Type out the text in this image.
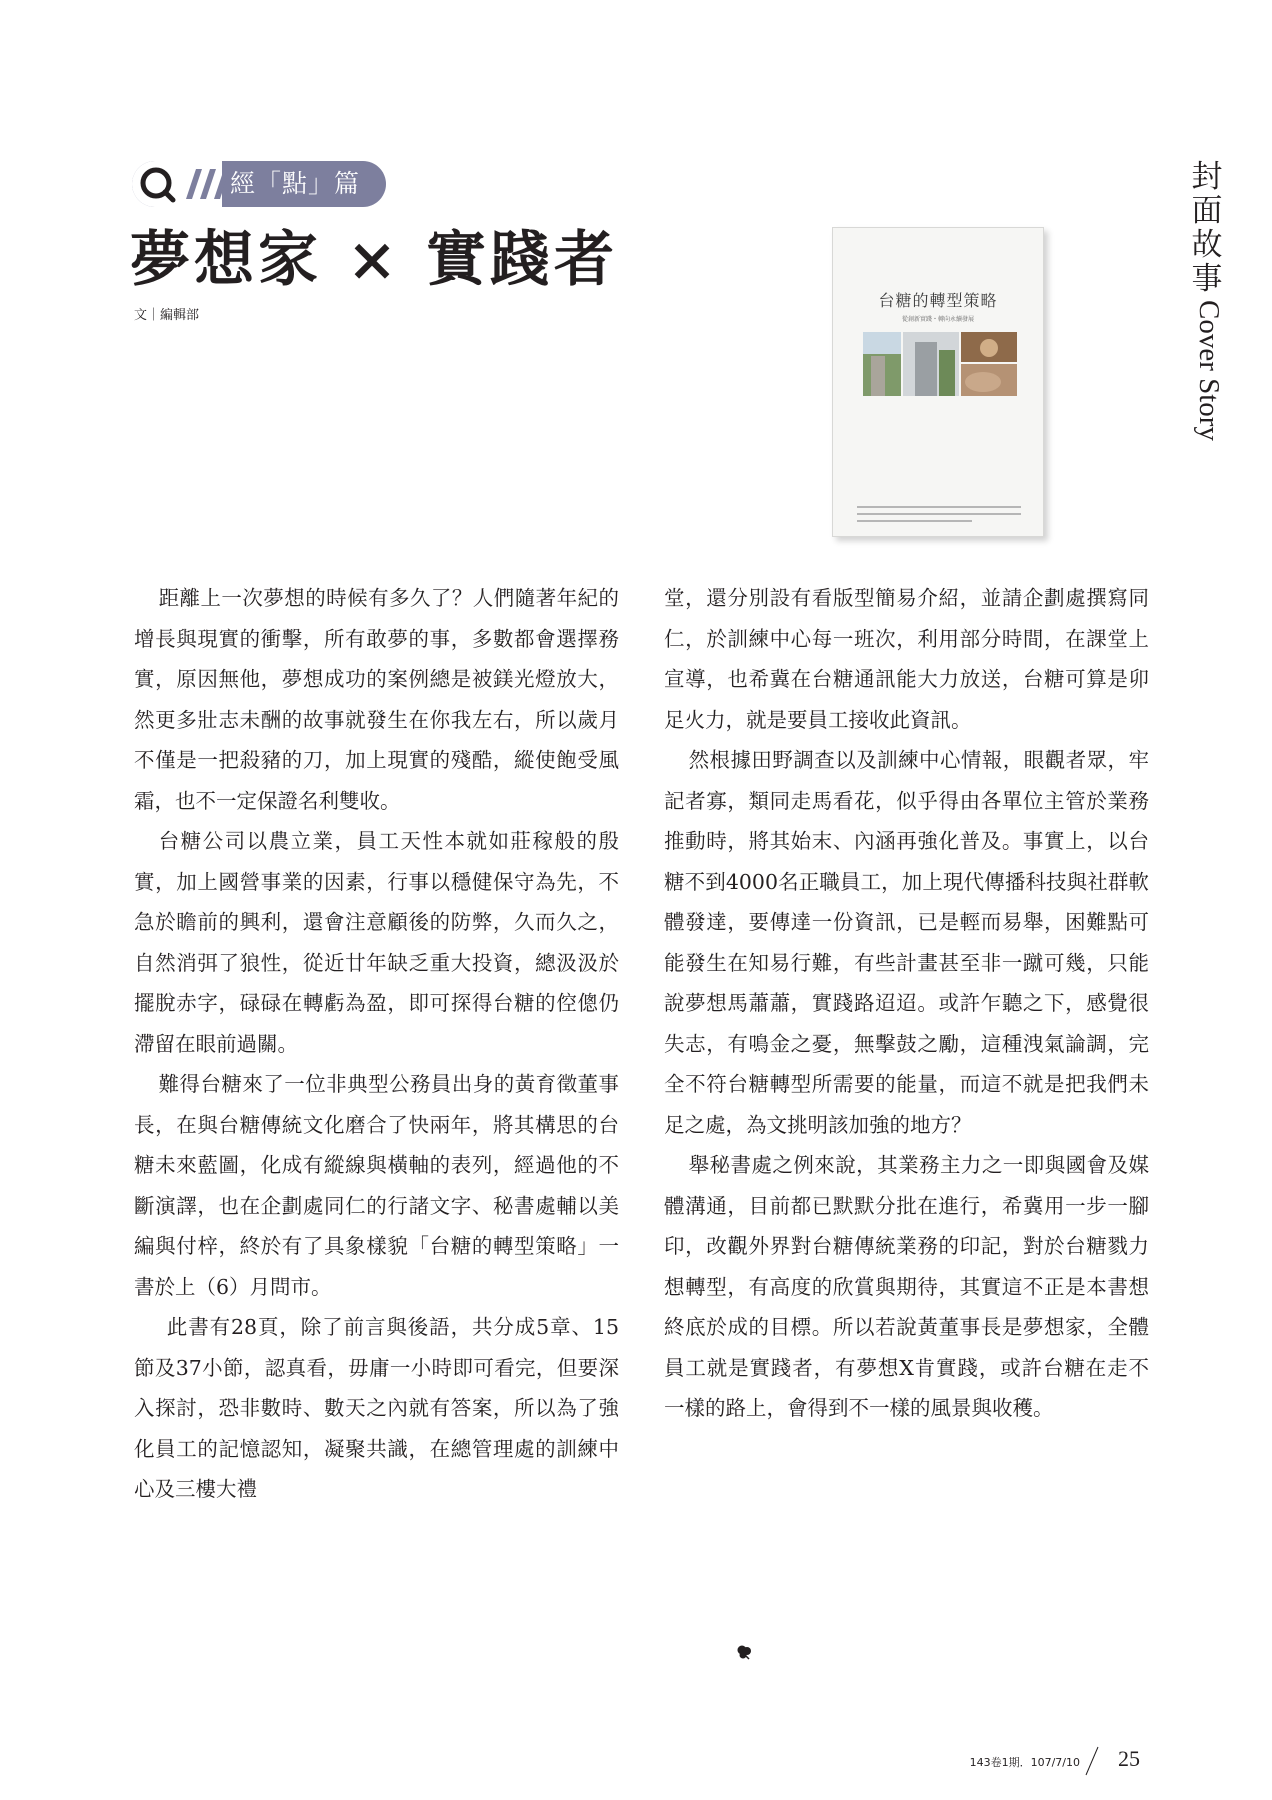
經「點」篇
夢想家 × 實踐者
文｜編輯部
封
面
故
事
Cover Story
台糖的轉型策略
從創新實踐・轉向永續發展

距離上一次夢想的時候有多久了？人們隨著年紀的增長與現實的衝擊，所有敢夢的事，多數都會選擇務實，原因無他，夢想成功的案例總是被鎂光燈放大，然更多壯志未酬的故事就發生在你我左右，所以歲月不僅是一把殺豬的刀，加上現實的殘酷，縱使飽受風霜，也不一定保證名利雙收。

台糖公司以農立業，員工天性本就如莊稼般的殷實，加上國營事業的因素，行事以穩健保守為先，不急於瞻前的興利，還會注意顧後的防弊，久而久之，自然消弭了狼性，從近廿年缺乏重大投資，總汲汲於擺脫赤字，碌碌在轉虧為盈，即可探得台糖的倥傯仍滯留在眼前過關。

難得台糖來了一位非典型公務員出身的黃育徵董事長，在與台糖傳統文化磨合了快兩年，將其構思的台糖未來藍圖，化成有縱線與橫軸的表列，經過他的不斷演譯，也在企劃處同仁的行諸文字、秘書處輔以美編與付梓，終於有了具象樣貌「台糖的轉型策略」一書於上（6）月問市。

此書有28頁，除了前言與後語，共分成5章、15節及37小節，認真看，毋庸一小時即可看完，但要深入探討，恐非數時、數天之內就有答案，所以為了強化員工的記憶認知，凝聚共識，在總管理處的訓練中心及三樓大禮

堂，還分別設有看版型簡易介紹，並請企劃處撰寫同仁，於訓練中心每一班次，利用部分時間，在課堂上宣導，也希冀在台糖通訊能大力放送，台糖可算是卯足火力，就是要員工接收此資訊。

然根據田野調查以及訓練中心情報，眼觀者眾，牢記者寡，類同走馬看花，似乎得由各單位主管於業務推動時，將其始末、內涵再強化普及。事實上，以台糖不到4000名正職員工，加上現代傳播科技與社群軟體發達，要傳達一份資訊，已是輕而易舉，困難點可能發生在知易行難，有些計畫甚至非一蹴可幾，只能說夢想馬蕭蕭，實踐路迢迢。或許乍聽之下，感覺很失志，有鳴金之憂，無擊鼓之勵，這種洩氣論調，完全不符台糖轉型所需要的能量，而這不就是把我們未足之處，為文挑明該加強的地方？

舉秘書處之例來說，其業務主力之一即與國會及媒體溝通，目前都已默默分批在進行，希冀用一步一腳印，改觀外界對台糖傳統業務的印記，對於台糖戮力想轉型，有高度的欣賞與期待，其實這不正是本書想終底於成的目標。所以若說黃董事長是夢想家，全體員工就是實踐者，有夢想X肯實踐，或許台糖在走不一樣的路上，會得到不一樣的風景與收穫。

143卷1期．107/7/10 25
